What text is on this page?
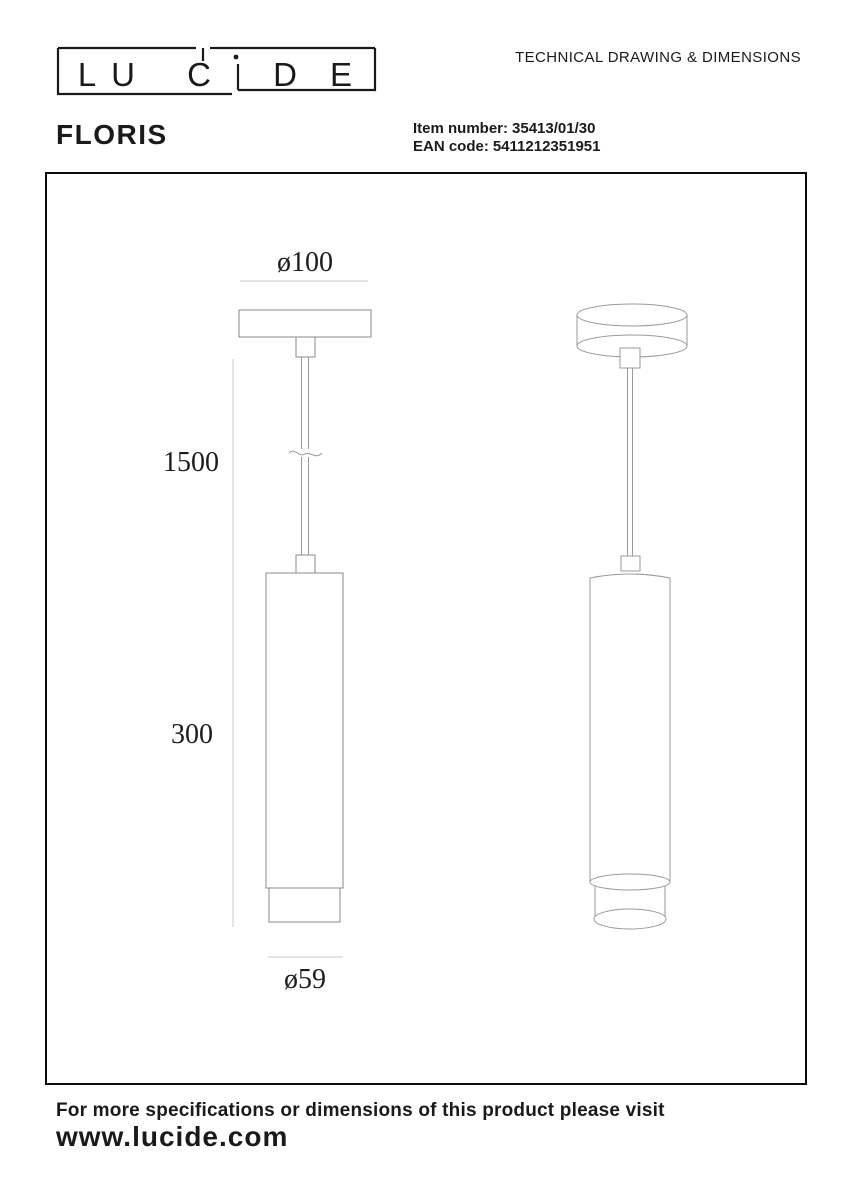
L U C D E	TECHNICAL DRAWING & DIMENSIONS
FLORIS	Item number: 35413/01/30
EAN code: 5411212351951
ø100
ø59
1500
300
For more specifications or dimensions of this product please visit
www.lucide.com
